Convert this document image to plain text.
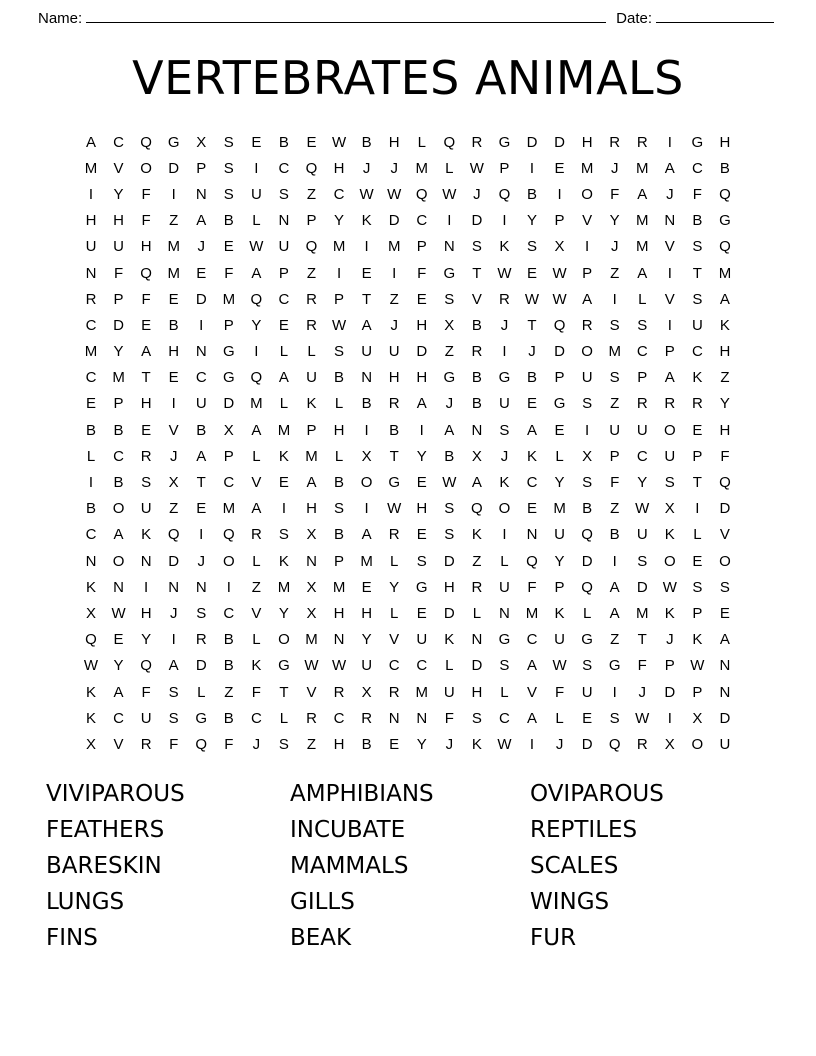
Name:	Date:
VERTEBRATES ANIMALS
A	C	Q	G	X	S	E	B	E	W	B	H	L	Q	R	G	D	D	H	R	R	I	G	H
M	V	O	D	P	S	I	C	Q	H	J	J	M	L	W	P	I	E	M	J	M	A	C	B
I	Y	F	I	N	S	U	S	Z	C	W W Q W	J	Q	B	I	O	F	A	J	F	Q
H	H	F	Z	A	B	L	N	P	Y	K	D	C	I	D	I	Y	P	V	Y	M	N	B	G
U	U	H	M	J	E	W	U	Q	M	I	M	P	N	S	K	S	X	I	J	M	V	S	Q
N	F	Q	M	E	F	A	P	Z	I	E	I	F	G	T	W	E	W	P	Z	A	I	T	M
R	P	F	E	D	M	Q	C	R	P	T	Z	E	S	V	R	W W	A	I	L	V	S	A
C	D	E	B	I	P	Y	E	R	W	A	J	H	X	B	J	T	Q	R	S	S	I	U	K
M	Y	A	H	N	G	I	L	L	S	U	U	D	Z	R	I	J	D	O	M	C	P	C	H
C	M	T	E	C	G	Q	A	U	B	N	H	H	G	B	G	B	P	U	S	P	A	K	Z
E	P	H	I	U	D	M	L	K	L	B	R	A	J	B	U	E	G	S	Z	R	R	R	Y
B	B	E	V	B	X	A	M	P	H	I	B	I	A	N	S	A	E	I	U	U	O	E	H
L	C	R	J	A	P	L	K	M	L	X	T	Y	B	X	J	K	L	X	P	C	U	P	F
I	B	S	X	T	C	V	E	A	B	O	G	E	W	A	K	C	Y	S	F	Y	S	T	Q
B	O	U	Z	E	M	A	I	H	S	I	W	H	S	Q	O	E	M	B	Z	W	X	I	D
C	A	K	Q	I	Q	R	S	X	B	A	R	E	S	K	I	N	U	Q	B	U	K	L	V
N	O	N	D	J	O	L	K	N	P	M	L	S	D	Z	L	Q	Y	D	I	S	O	E	O
K	N	I	N	N	I	Z	M	X	M	E	Y	G	H	R	U	F	P	Q	A	D	W	S	S
X	W	H	J	S	C	V	Y	X	H	H	L	E	D	L	N	M	K	L	A	M	K	P	E
Q	E	Y	I	R	B	L	O	M	N	Y	V	U	K	N	G	C	U	G	Z	T	J	K	A
W	Y	Q	A	D	B	K	G W W	U	C	C	L	D	S	A	W	S	G	F	P	W	N
K	A	F	S	L	Z	F	T	V	R	X	R	M	U	H	L	V	F	U	I	J	D	P	N
K	C	U	S	G	B	C	L	R	C	R	N	N	F	S	C	A	L	E	S	W	I	X	D
X	V	R	F	Q	F	J	S	Z	H	B	E	Y	J	K	W	I	J	D	Q	R	X	O	U
VIVIPAROUS
FEATHERS
BARESKIN
LUNGS
FINS
AMPHIBIANS
INCUBATE
MAMMALS
GILLS
BEAK
OVIPAROUS
REPTILES
SCALES
WINGS
FUR
